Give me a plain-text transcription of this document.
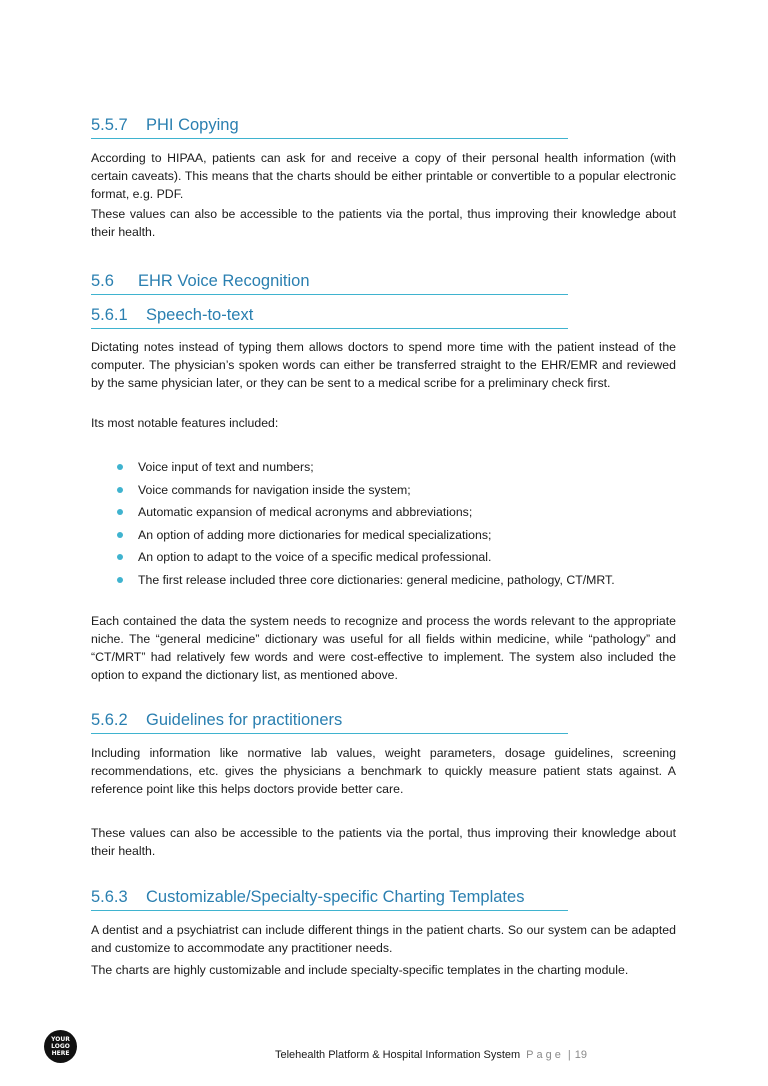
5.5.7 PHI Copying

According to HIPAA, patients can ask for and receive a copy of their personal health information (with certain caveats). This means that the charts should be either printable or convertible to a popular electronic format, e.g. PDF.

These values can also be accessible to the patients via the portal, thus improving their knowledge about their health.

5.6 EHR Voice Recognition
5.6.1 Speech-to-text

Dictating notes instead of typing them allows doctors to spend more time with the patient instead of the computer. The physician’s spoken words can either be transferred straight to the EHR/EMR and reviewed by the same physician later, or they can be sent to a medical scribe for a preliminary check first.

Its most notable features included:

Voice input of text and numbers;
Voice commands for navigation inside the system;
Automatic expansion of medical acronyms and abbreviations;
An option of adding more dictionaries for medical specializations;
An option to adapt to the voice of a specific medical professional.
The first release included three core dictionaries: general medicine, pathology, CT/MRT.

Each contained the data the system needs to recognize and process the words relevant to the appropriate niche. The “general medicine” dictionary was useful for all fields within medicine, while “pathology” and “CT/MRT” had relatively few words and were cost-effective to implement. The system also included the option to expand the dictionary list, as mentioned above.

5.6.2 Guidelines for practitioners

Including information like normative lab values, weight parameters, dosage guidelines, screening recommendations, etc. gives the physicians a benchmark to quickly measure patient stats against. A reference point like this helps doctors provide better care.

These values can also be accessible to the patients via the portal, thus improving their knowledge about their health.

5.6.3 Customizable/Specialty-specific Charting Templates

A dentist and a psychiatrist can include different things in the patient charts. So our system can be adapted and customize to accommodate any practitioner needs.

The charts are highly customizable and include specialty-specific templates in the charting module.

YOUR
LOGO
HERE	Telehealth Platform & Hospital Information System Page | 19
